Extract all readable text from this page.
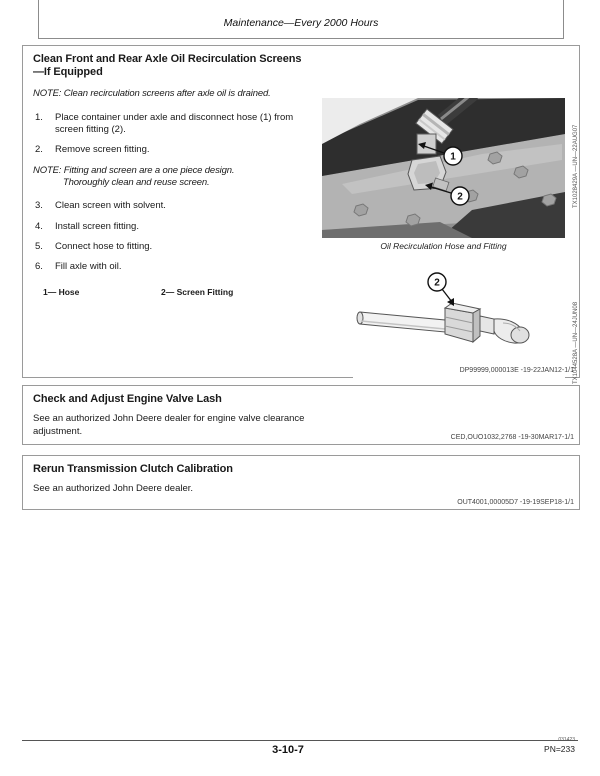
Maintenance—Every 2000 Hours
Clean Front and Rear Axle Oil Recirculation Screens—If Equipped

NOTE: Clean recirculation screens after axle oil is drained.

1.	Place container under axle and disconnect hose (1) from screen fitting (2).
2.	Remove screen fitting.

NOTE: Fitting and screen are a one piece design.
Thoroughly clean and reuse screen.

3.	Clean screen with solvent.
4.	Install screen fitting.
5.	Connect hose to fitting.
6.	Fill axle with oil.
1— Hose	2— Screen Fitting
1
2
Oil Recirculation Hose and Fitting
TX1028429A —UN—22AUG07
2
TX1044528A —UN—24JUN08
DP99999,000013E -19-22JAN12-1/1
Check and Adjust Engine Valve Lash
See an authorized John Deere dealer for engine valve clearance adjustment.
CED,OUO1032,2768 -19-30MAR17-1/1
Rerun Transmission Clutch Calibration
See an authorized John Deere dealer.
OUT4001,00005D7 -19-19SEP18-1/1
3-10-7
031423
PN=233
